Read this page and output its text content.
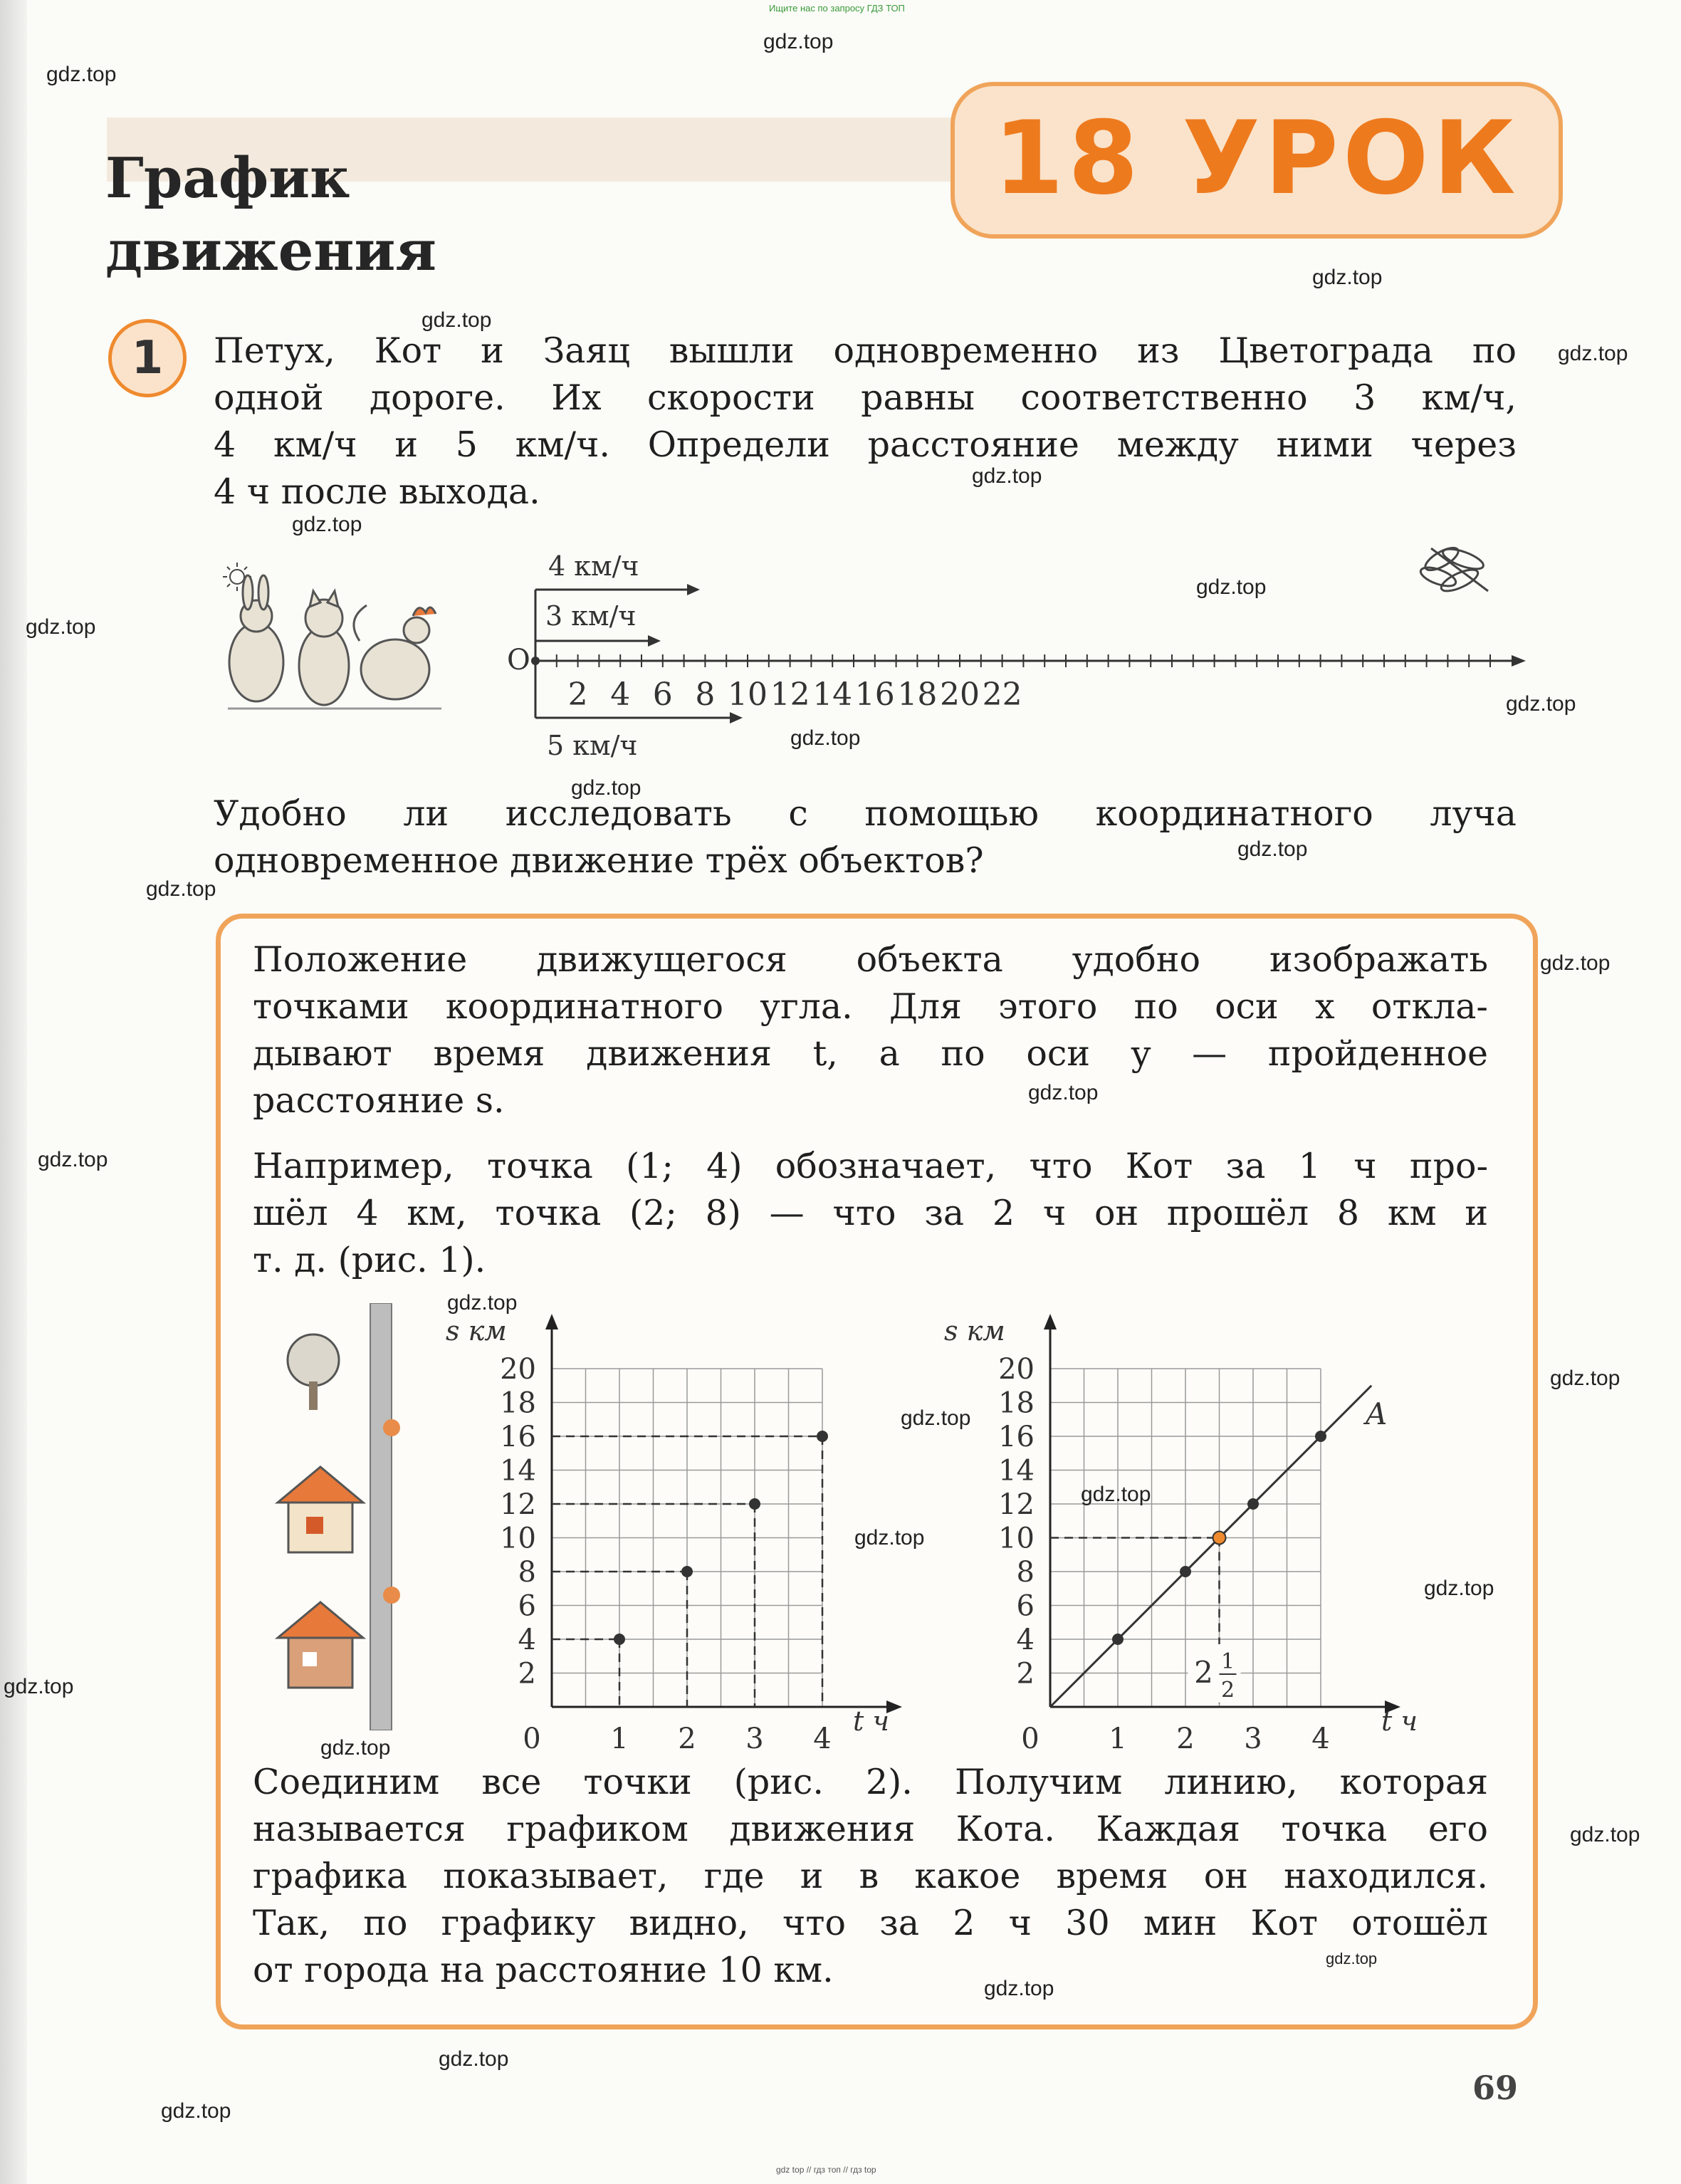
Ищите нас по запросу ГДЗ ТОП
gdz top // гдз топ // гдз top
График
движения
18 УРОК
1	Петух, Кот и Заяц вышли одновременно из Цветограда по
одной дороге. Их скорости равны соответственно 3 км/ч,
4 км/ч и 5 км/ч. Определи расстояние между ними через
4 ч после выхода.
O
4 км/ч
3 км/ч
5 км/ч
2 4 6 8 10 12 14 16 18 20 22
Удобно ли исследовать с помощью координатного луча
одновременное движение трёх объектов?
Положение движущегося объекта удобно изображать
точками координатного угла. Для этого по оси x откла-
дывают время движения t, а по оси y — пройденное
расстояние s.
Например, точка (1; 4) обозначает, что Кот за 1 ч про-
шёл 4 км, точка (2; 8) — что за 2 ч он прошёл 8 км и
т. д. (рис. 1).
0 1 2 3 4
2
4
6
8
10
12
14
16
18
20
s км
t ч
0 1 2 3 4
2
4
6
8
10
12
14
16
18
20
2 1
2
s км
t ч
A
Соединим все точки (рис. 2). Получим линию, которая
называется графиком движения Кота. Каждая точка его
графика показывает, где и в какое время он находился.
Так, по графику видно, что за 2 ч 30 мин Кот отошёл
от города на расстояние 10 км.
69
gdz.top
gdz.top
gdz.top
gdz.top
gdz.top
gdz.top
gdz.top
gdz.top
gdz.top
gdz.top
gdz.top
gdz.top
gdz.top
gdz.top
gdz.top
gdz.top
gdz.top
gdz.top
gdz.top
gdz.top
gdz.top
gdz.top
gdz.top
gdz.top
gdz.top
gdz.top
gdz.top
gdz.top
gdz.top
gdz.top
